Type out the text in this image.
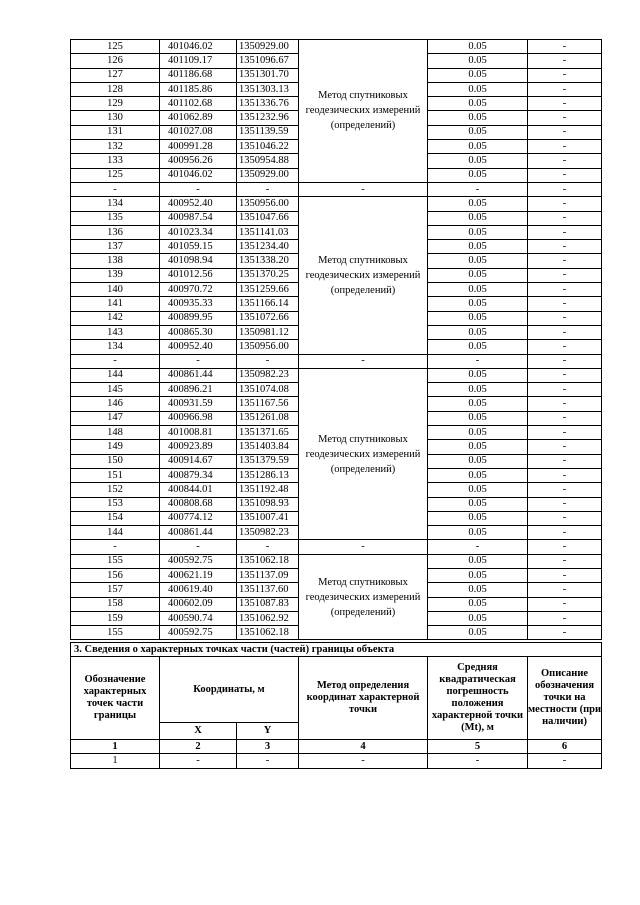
125	401046.02	1350929.00	Метод спутниковых геодезических измерений (определений)	0.05	-
126	401109.17	1351096.67		0.05	-
127	401186.68	1351301.70		0.05	-
128	401185.86	1351303.13		0.05	-
129	401102.68	1351336.76		0.05	-
130	401062.89	1351232.96		0.05	-
131	401027.08	1351139.59		0.05	-
132	400991.28	1351046.22		0.05	-
133	400956.26	1350954.88		0.05	-
125	401046.02	1350929.00		0.05	-
-	-	-	-	-	-
134	400952.40	1350956.00	Метод спутниковых геодезических измерений (определений)	0.05	-
135	400987.54	1351047.66		0.05	-
136	401023.34	1351141.03		0.05	-
137	401059.15	1351234.40		0.05	-
138	401098.94	1351338.20		0.05	-
139	401012.56	1351370.25		0.05	-
140	400970.72	1351259.66		0.05	-
141	400935.33	1351166.14		0.05	-
142	400899.95	1351072.66		0.05	-
143	400865.30	1350981.12		0.05	-
134	400952.40	1350956.00		0.05	-
-	-	-	-	-	-
144	400861.44	1350982.23	Метод спутниковых геодезических измерений (определений)	0.05	-
145	400896.21	1351074.08		0.05	-
146	400931.59	1351167.56		0.05	-
147	400966.98	1351261.08		0.05	-
148	401008.81	1351371.65		0.05	-
149	400923.89	1351403.84		0.05	-
150	400914.67	1351379.59		0.05	-
151	400879.34	1351286.13		0.05	-
152	400844.01	1351192.48		0.05	-
153	400808.68	1351098.93		0.05	-
154	400774.12	1351007.41		0.05	-
144	400861.44	1350982.23		0.05	-
-	-	-	-	-	-
155	400592.75	1351062.18	Метод спутниковых геодезических измерений (определений)	0.05	-
156	400621.19	1351137.09		0.05	-
157	400619.40	1351137.60		0.05	-
158	400602.09	1351087.83		0.05	-
159	400590.74	1351062.92		0.05	-
155	400592.75	1351062.18		0.05	-
3. Сведения о характерных точках части (частей) границы объекта					
Обозначение характерных точек части границы	Координаты, м		Метод определения координат характерной точки	Средняя квадратическая погрешность положения характерной точки (Mt), м	Описание обозначения точки на местности (при наличии)
	X	Y			
1	2	3	4	5	6
1	-	-	-	-	-
